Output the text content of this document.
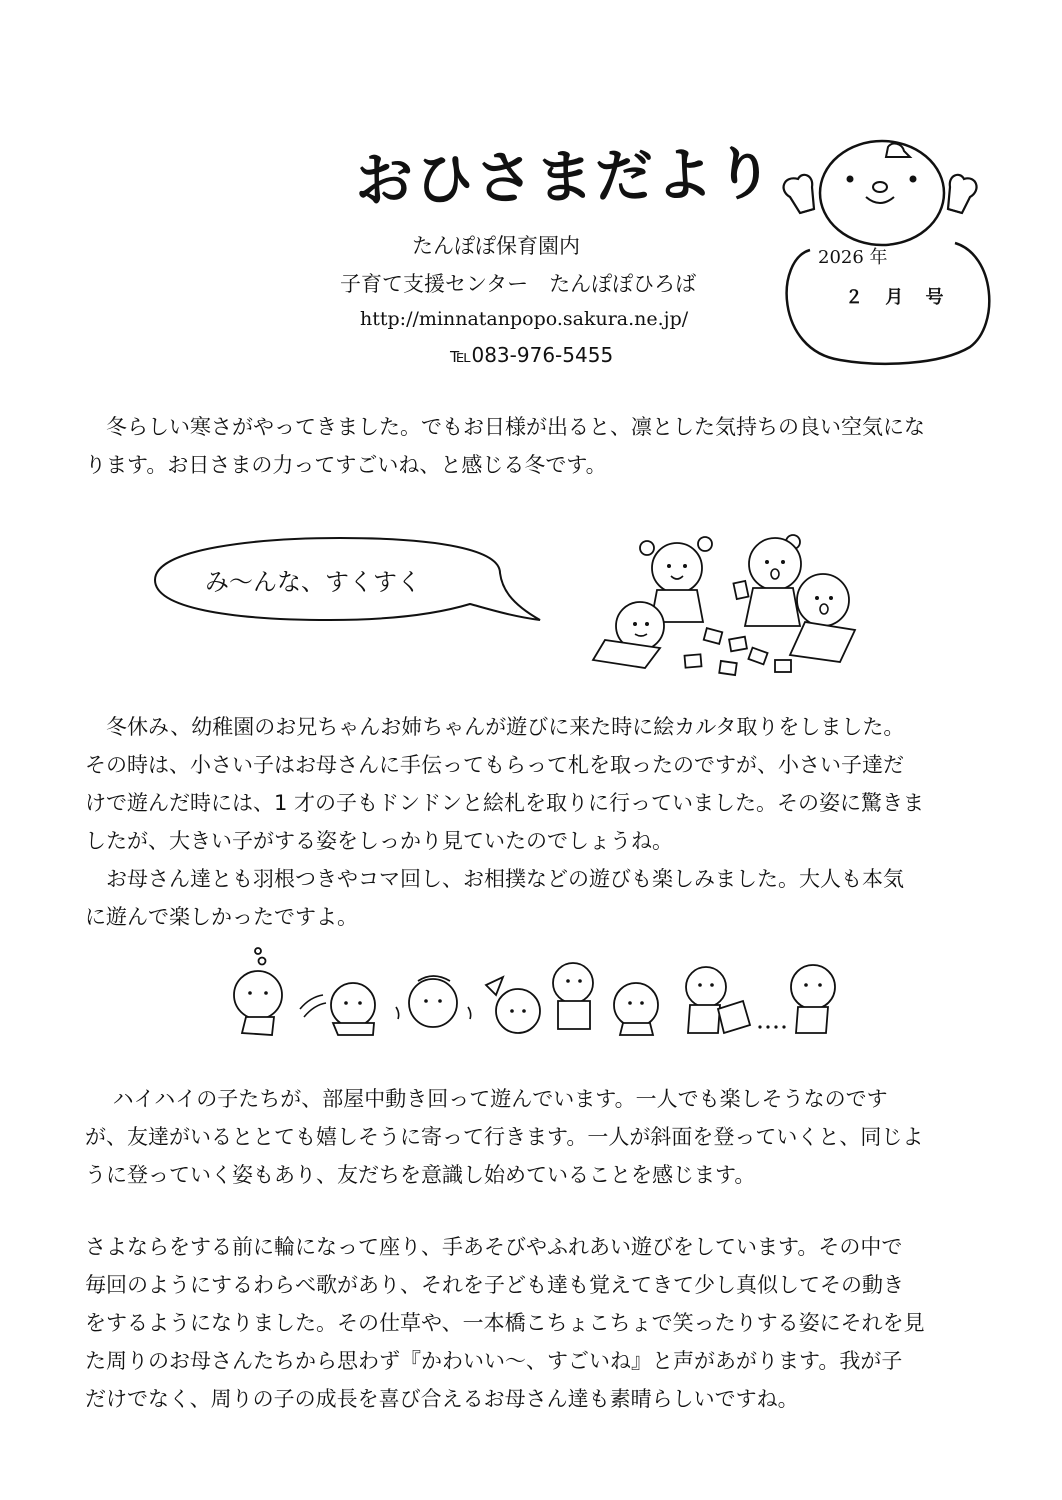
おひさまだより
たんぽぽ保育園内
子育て支援センター　たんぽぽひろば
http://minnatanpopo.sakura.ne.jp/
℡083-976-5455
2026 年
２ 月 号
　冬らしい寒さがやってきました。でもお日様が出ると、凛とした気持ちの良い空気にな
ります。お日さまの力ってすごいね、と感じる冬です。
み〜んな、すくすく
　冬休み、幼稚園のお兄ちゃんお姉ちゃんが遊びに来た時に絵カルタ取りをしました。
その時は、小さい子はお母さんに手伝ってもらって札を取ったのですが、小さい子達だ
けで遊んだ時には、1 才の子もドンドンと絵札を取りに行っていました。その姿に驚きま
したが、大きい子がする姿をしっかり見ていたのでしょうね。
　お母さん達とも羽根つきやコマ回し、お相撲などの遊びも楽しみました。大人も本気
に遊んで楽しかったですよ。
　 ハイハイの子たちが、部屋中動き回って遊んでいます。一人でも楽しそうなのです
が、友達がいるととても嬉しそうに寄って行きます。一人が斜面を登っていくと、同じよ
うに登っていく姿もあり、友だちを意識し始めていることを感じます。
さよならをする前に輪になって座り、手あそびやふれあい遊びをしています。その中で
毎回のようにするわらべ歌があり、それを子ども達も覚えてきて少し真似してその動き
をするようになりました。その仕草や、一本橋こちょこちょで笑ったりする姿にそれを見
た周りのお母さんたちから思わず『かわいい〜、すごいね』と声があがります。我が子
だけでなく、周りの子の成長を喜び合えるお母さん達も素晴らしいですね。
